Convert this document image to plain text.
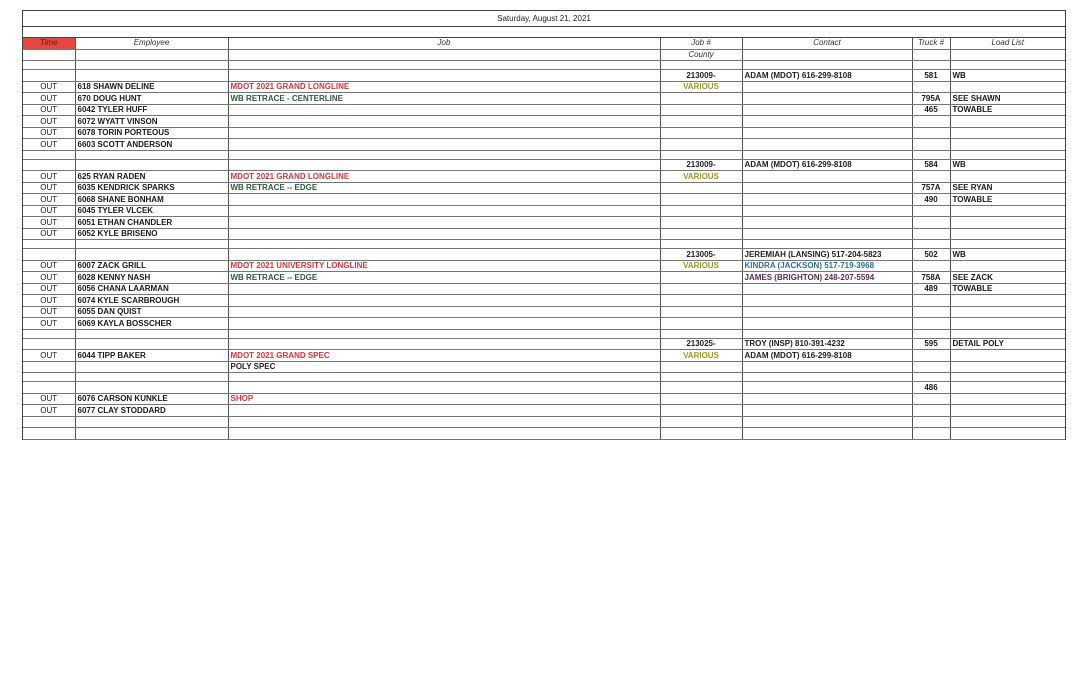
Saturday, August 21, 2021
Time	Employee	Job	Job #	Contact	Truck #	Load List
			County			

			213009-	ADAM (MDOT) 616-299-8108	581	WB
OUT	618 SHAWN DELINE	MDOT 2021 GRAND LONGLINE	VARIOUS			
OUT	670 DOUG HUNT	WB RETRACE - CENTERLINE			795A	SEE SHAWN
OUT	6042 TYLER HUFF				465	TOWABLE
OUT	6072 WYATT VINSON					
OUT	6078 TORIN PORTEOUS					
OUT	6603 SCOTT ANDERSON					

			213009-	ADAM (MDOT) 616-299-8108	584	WB
OUT	625 RYAN RADEN	MDOT 2021 GRAND LONGLINE	VARIOUS			
OUT	6035 KENDRICK SPARKS	WB RETRACE -- EDGE			757A	SEE RYAN
OUT	6068 SHANE BONHAM				490	TOWABLE
OUT	6045 TYLER VLCEK					
OUT	6051 ETHAN CHANDLER					
OUT	6052 KYLE BRISENO					

			213005-	JEREMIAH (LANSING) 517-204-5823	502	WB
OUT	6007 ZACK GRILL	MDOT 2021 UNIVERSITY LONGLINE	VARIOUS	KINDRA (JACKSON) 517-719-3968		
OUT	6028 KENNY NASH	WB RETRACE -- EDGE		JAMES (BRIGHTON) 248-207-5594	758A	SEE ZACK
OUT	6056 CHANA LAARMAN				489	TOWABLE
OUT	6074 KYLE SCARBROUGH					
OUT	6055 DAN QUIST					
OUT	6069 KAYLA BOSSCHER					

			213025-	TROY (INSP) 810-391-4232	595	DETAIL POLY
OUT	6044 TIPP BAKER	MDOT 2021 GRAND SPEC	VARIOUS	ADAM (MDOT) 616-299-8108		
		POLY SPEC				

					486	
OUT	6076 CARSON KUNKLE	SHOP				
OUT	6077 CLAY STODDARD					
